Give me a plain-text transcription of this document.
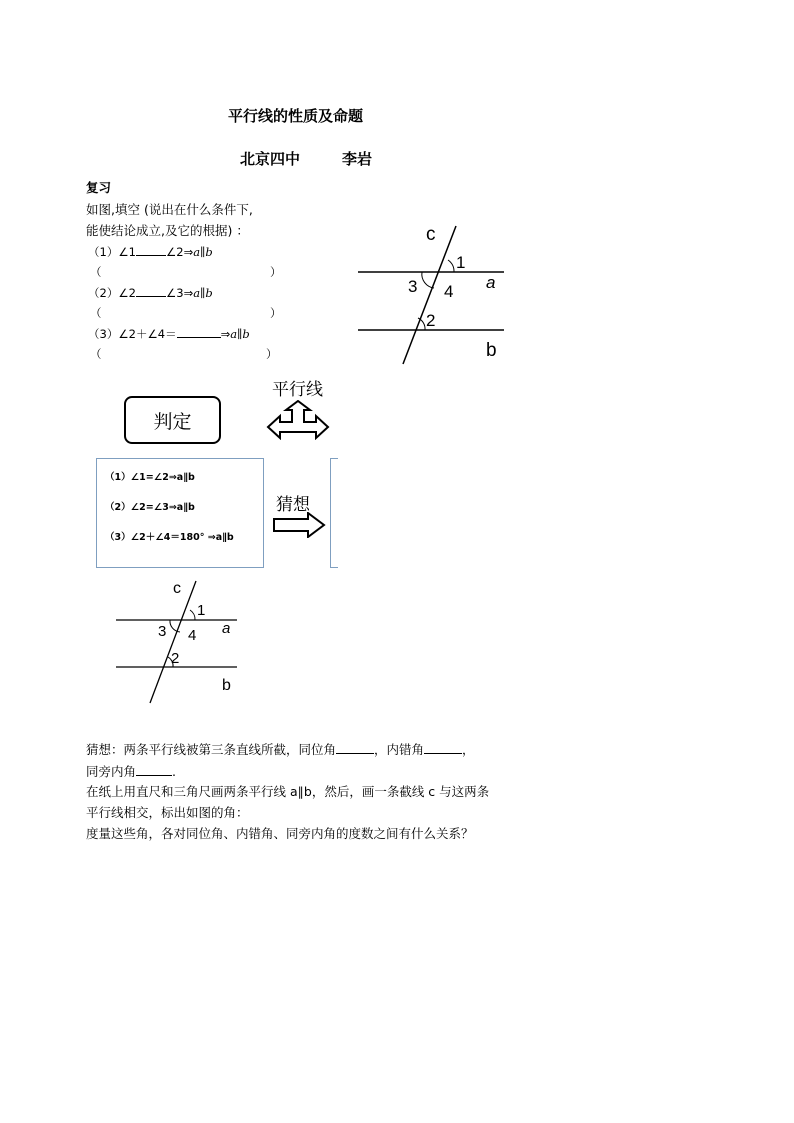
平行线的性质及命题
北京四中	李岩
复习
如图,填空 (说出在什么条件下,
能使结论成立,及它的根据) ：
（1）∠1	∠2⇒a∥b
（	）
（2）∠2	∠3⇒a∥b
（	）
（3）∠2＋∠4＝	⇒a∥b
（	）
c
1
3 4 a
2
b
平行线
判定
（1）∠1=∠2⇒a∥b
（2）∠2=∠3⇒a∥b
（3）∠2＋∠4＝180° ⇒a∥b
猜想
c
1
3 4 a
2
b
猜想：两条平行线被第三条直线所截，同位角	，内错角	，
同旁内角	.
在纸上用直尺和三角尺画两条平行线 a∥b，然后，画一条截线 c 与这两条
平行线相交，标出如图的角：
度量这些角，各对同位角、内错角、同旁内角的度数之间有什么关系？
